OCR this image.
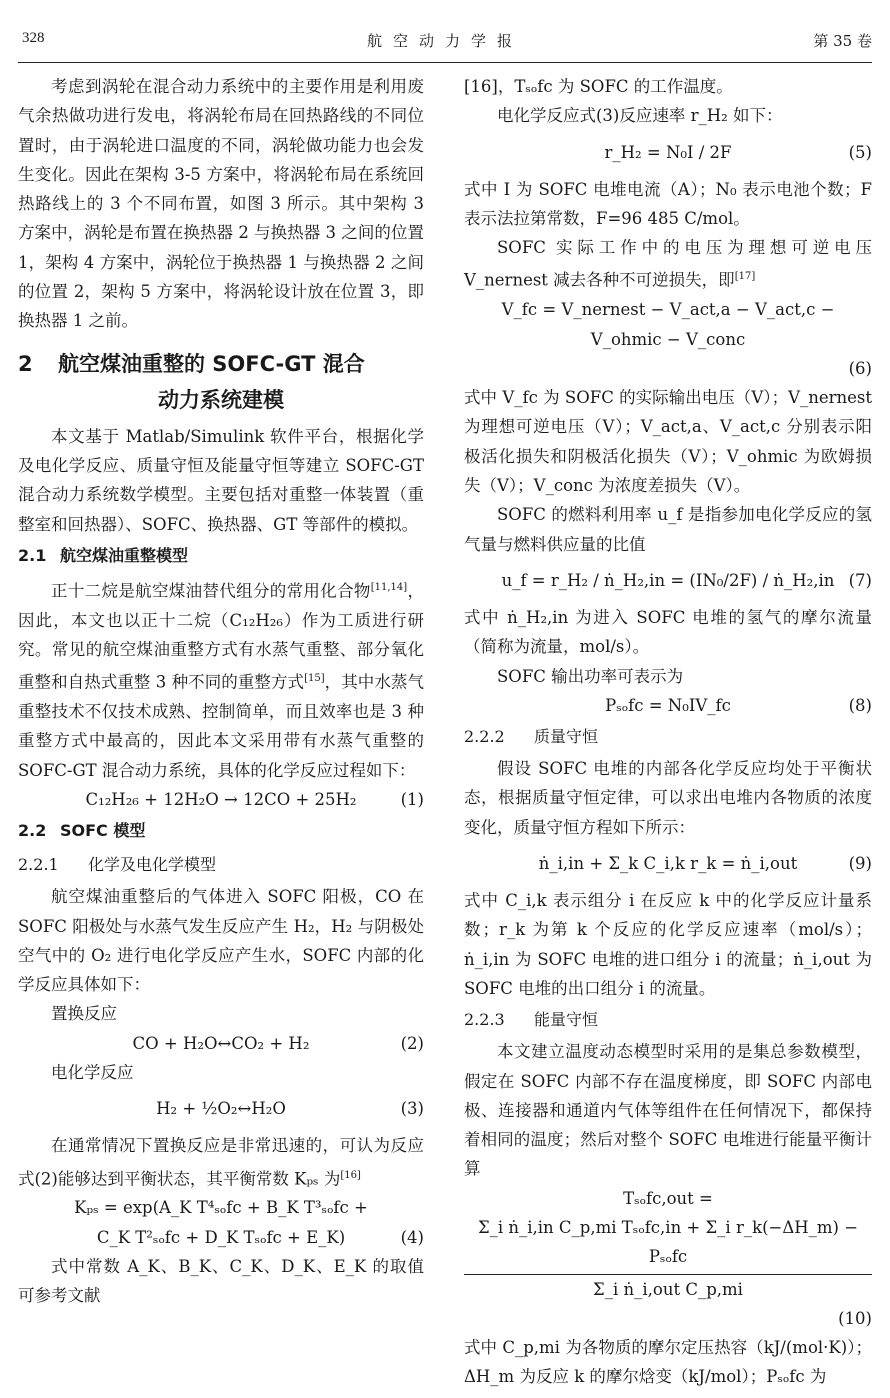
328	航空动力学报	第 35 卷

考虑到涡轮在混合动力系统中的主要作用是利用废气余热做功进行发电，将涡轮布局在回热路线的不同位置时，由于涡轮进口温度的不同，涡轮做功能力也会发生变化。因此在架构 3-5 方案中，将涡轮布局在系统回热路线上的 3 个不同布置，如图 3 所示。其中架构 3 方案中，涡轮是布置在换热器 2 与换热器 3 之间的位置 1，架构 4 方案中，涡轮位于换热器 1 与换热器 2 之间的位置 2，架构 5 方案中，将涡轮设计放在位置 3，即换热器 1 之前。

2 航空煤油重整的 SOFC-GT 混合
动力系统建模

本文基于 Matlab/Simulink 软件平台，根据化学及电化学反应、质量守恒及能量守恒等建立 SOFC-GT 混合动力系统数学模型。主要包括对重整一体装置（重整室和回热器）、SOFC、换热器、GT 等部件的模拟。

2.1 航空煤油重整模型

正十二烷是航空煤油替代组分的常用化合物[11,14]，因此，本文也以正十二烷（C₁₂H₂₆）作为工质进行研究。常见的航空煤油重整方式有水蒸气重整、部分氧化重整和自热式重整 3 种不同的重整方式[15]，其中水蒸气重整技术不仅技术成熟、控制简单，而且效率也是 3 种重整方式中最高的，因此本文采用带有水蒸气重整的 SOFC-GT 混合动力系统，具体的化学反应过程如下：

C₁₂H₂₆ + 12H₂O → 12CO + 25H₂	(1)
2.2 SOFC 模型
2.2.1 化学及电化学模型

航空煤油重整后的气体进入 SOFC 阳极，CO 在 SOFC 阳极处与水蒸气发生反应产生 H₂，H₂ 与阴极处空气中的 O₂ 进行电化学反应产生水，SOFC 内部的化学反应具体如下：

置换反应

CO + H₂O↔CO₂ + H₂	(2)

电化学反应

H₂ + ½O₂↔H₂O	(3)

在通常情况下置换反应是非常迅速的，可认为反应式(2)能够达到平衡状态，其平衡常数 Kₚₛ 为[16]

Kₚₛ = exp(A_K T⁴ₛₒfc + B_K T³ₛₒfc +
C_K T²ₛₒfc + D_K Tₛₒfc + E_K)	(4)

式中常数 A_K、B_K、C_K、D_K、E_K 的取值可参考文献

[16]，Tₛₒfc 为 SOFC 的工作温度。

电化学反应式(3)反应速率 r_H₂ 如下：

r_H₂ = N₀I / 2F	(5)

式中 I 为 SOFC 电堆电流（A）；N₀ 表示电池个数；F 表示法拉第常数，F=96 485 C/mol。

SOFC 实际工作中的电压为理想可逆电压 V_nernest 减去各种不可逆损失，即[17]

V_fc = V_nernest − V_act,a − V_act,c − V_ohmic − V_conc
(6)

式中 V_fc 为 SOFC 的实际输出电压（V）；V_nernest 为理想可逆电压（V）；V_act,a、V_act,c 分别表示阳极活化损失和阴极活化损失（V）；V_ohmic 为欧姆损失（V）；V_conc 为浓度差损失（V）。

SOFC 的燃料利用率 u_f 是指参加电化学反应的氢气量与燃料供应量的比值

u_f = r_H₂ / ṅ_H₂,in = (IN₀/2F) / ṅ_H₂,in (7)

式中 ṅ_H₂,in 为进入 SOFC 电堆的氢气的摩尔流量（简称为流量，mol/s）。

SOFC 输出功率可表示为

Pₛₒfc = N₀IV_fc	(8)
2.2.2 质量守恒

假设 SOFC 电堆的内部各化学反应均处于平衡状态，根据质量守恒定律，可以求出电堆内各物质的浓度变化，质量守恒方程如下所示：

ṅ_i,in + Σ_k C_i,k r_k = ṅ_i,out	(9)

式中 C_i,k 表示组分 i 在反应 k 中的化学反应计量系数；r_k 为第 k 个反应的化学反应速率（mol/s）；ṅ_i,in 为 SOFC 电堆的进口组分 i 的流量；ṅ_i,out 为 SOFC 电堆的出口组分 i 的流量。

2.2.3 能量守恒

本文建立温度动态模型时采用的是集总参数模型，假定在 SOFC 内部不存在温度梯度，即 SOFC 内部电极、连接器和通道内气体等组件在任何情况下，都保持着相同的温度；然后对整个 SOFC 电堆进行能量平衡计算

Tₛₒfc,out =
Σ_i ṅ_i,in C_p,mi Tₛₒfc,in + Σ_i r_k(−ΔH_m) − Pₛₒfc
Σ_i ṅ_i,out C_p,mi
(10)

式中 C_p,mi 为各物质的摩尔定压热容（kJ/(mol·K)）；ΔH_m 为反应 k 的摩尔焓变（kJ/mol）；Pₛₒfc 为
